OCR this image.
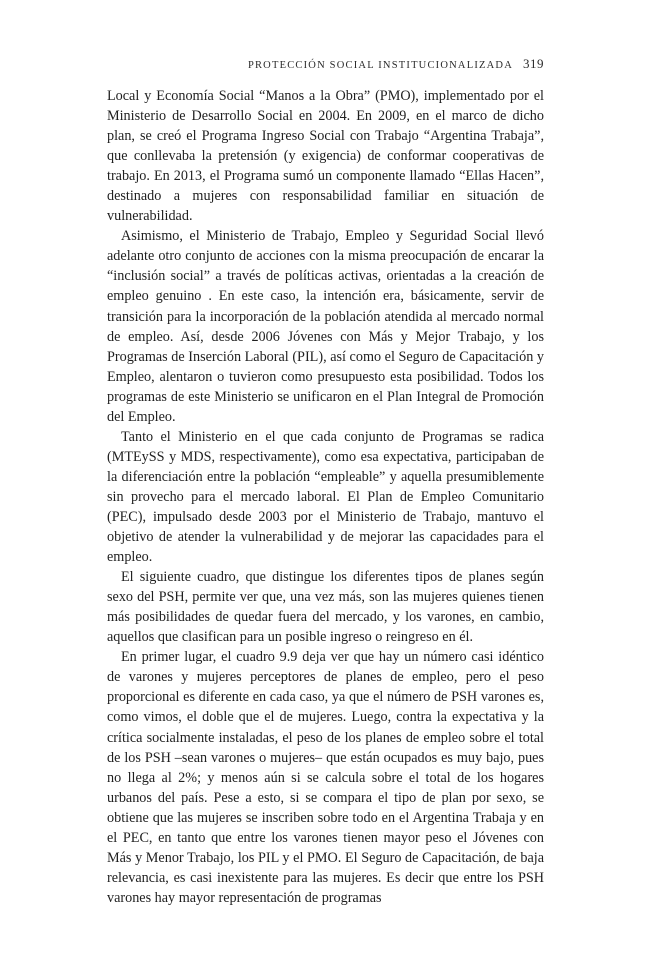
PROTECCIÓN SOCIAL INSTITUCIONALIZADA 319

Local y Economía Social “Manos a la Obra” (PMO), implementado por el Ministerio de Desarrollo Social en 2004. En 2009, en el marco de dicho plan, se creó el Programa Ingreso Social con Trabajo “Argentina Trabaja”, que conllevaba la pretensión (y exigencia) de conformar cooperativas de trabajo. En 2013, el Programa sumó un componente llamado “Ellas Hacen”, destinado a mujeres con responsabilidad familiar en situación de vulnerabilidad.

Asimismo, el Ministerio de Trabajo, Empleo y Seguridad Social llevó adelante otro conjunto de acciones con la misma preocupación de encarar la “inclusión social” a través de políticas activas, orientadas a la creación de empleo genuino . En este caso, la intención era, básicamente, servir de transición para la incorporación de la población atendida al mercado normal de empleo. Así, desde 2006 Jóvenes con Más y Mejor Trabajo, y los Programas de Inserción Laboral (PIL), así como el Seguro de Capacitación y Empleo, alentaron o tuvieron como presupuesto esta posibilidad. Todos los programas de este Ministerio se unificaron en el Plan Integral de Promoción del Empleo.

Tanto el Ministerio en el que cada conjunto de Programas se radica (MTEySS y MDS, respectivamente), como esa expectativa, participaban de la diferenciación entre la población “empleable” y aquella presumiblemente sin provecho para el mercado laboral. El Plan de Empleo Comunitario (PEC), impulsado desde 2003 por el Ministerio de Trabajo, mantuvo el objetivo de atender la vulnerabilidad y de mejorar las capacidades para el empleo.

El siguiente cuadro, que distingue los diferentes tipos de planes según sexo del PSH, permite ver que, una vez más, son las mujeres quienes tienen más posibilidades de quedar fuera del mercado, y los varones, en cambio, aquellos que clasifican para un posible ingreso o reingreso en él.

En primer lugar, el cuadro 9.9 deja ver que hay un número casi idéntico de varones y mujeres perceptores de planes de empleo, pero el peso proporcional es diferente en cada caso, ya que el número de PSH varones es, como vimos, el doble que el de mujeres. Luego, contra la expectativa y la crítica socialmente instaladas, el peso de los planes de empleo sobre el total de los PSH –sean varones o mujeres– que están ocupados es muy bajo, pues no llega al 2%; y menos aún si se calcula sobre el total de los hogares urbanos del país. Pese a esto, si se compara el tipo de plan por sexo, se obtiene que las mujeres se inscriben sobre todo en el Argentina Trabaja y en el PEC, en tanto que entre los varones tienen mayor peso el Jóvenes con Más y Menor Trabajo, los PIL y el PMO. El Seguro de Capacitación, de baja relevancia, es casi inexistente para las mujeres. Es decir que entre los PSH varones hay mayor representación de programas
